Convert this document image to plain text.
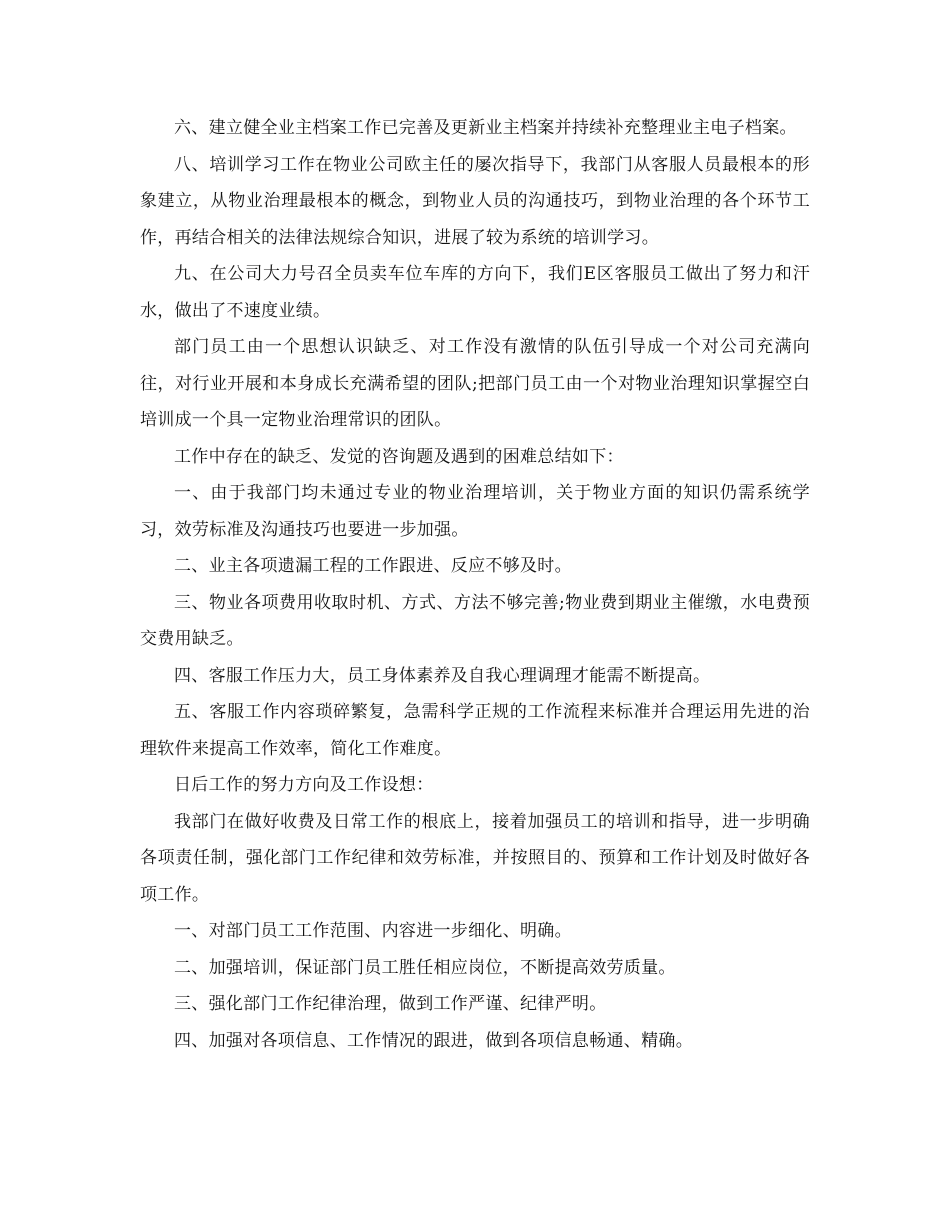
六、建立健全业主档案工作已完善及更新业主档案并持续补充整理业主电子档案。

八、培训学习工作在物业公司欧主任的屡次指导下，我部门从客服人员最根本的形象建立，从物业治理最根本的概念，到物业人员的沟通技巧，到物业治理的各个环节工作，再结合相关的法律法规综合知识，进展了较为系统的培训学习。

九、在公司大力号召全员卖车位车库的方向下，我们E区客服员工做出了努力和汗水，做出了不速度业绩。

部门员工由一个思想认识缺乏、对工作没有激情的队伍引导成一个对公司充满向往，对行业开展和本身成长充满希望的团队;把部门员工由一个对物业治理知识掌握空白培训成一个具一定物业治理常识的团队。

工作中存在的缺乏、发觉的咨询题及遇到的困难总结如下：

一、由于我部门均未通过专业的物业治理培训，关于物业方面的知识仍需系统学习，效劳标准及沟通技巧也要进一步加强。

二、业主各项遗漏工程的工作跟进、反应不够及时。

三、物业各项费用收取时机、方式、方法不够完善;物业费到期业主催缴，水电费预交费用缺乏。

四、客服工作压力大，员工身体素养及自我心理调理才能需不断提高。

五、客服工作内容琐碎繁复，急需科学正规的工作流程来标准并合理运用先进的治理软件来提高工作效率，简化工作难度。

日后工作的努力方向及工作设想：

我部门在做好收费及日常工作的根底上，接着加强员工的培训和指导，进一步明确各项责任制，强化部门工作纪律和效劳标准，并按照目的、预算和工作计划及时做好各项工作。

一、对部门员工工作范围、内容进一步细化、明确。

二、加强培训，保证部门员工胜任相应岗位，不断提高效劳质量。

三、强化部门工作纪律治理，做到工作严谨、纪律严明。

四、加强对各项信息、工作情况的跟进，做到各项信息畅通、精确。
